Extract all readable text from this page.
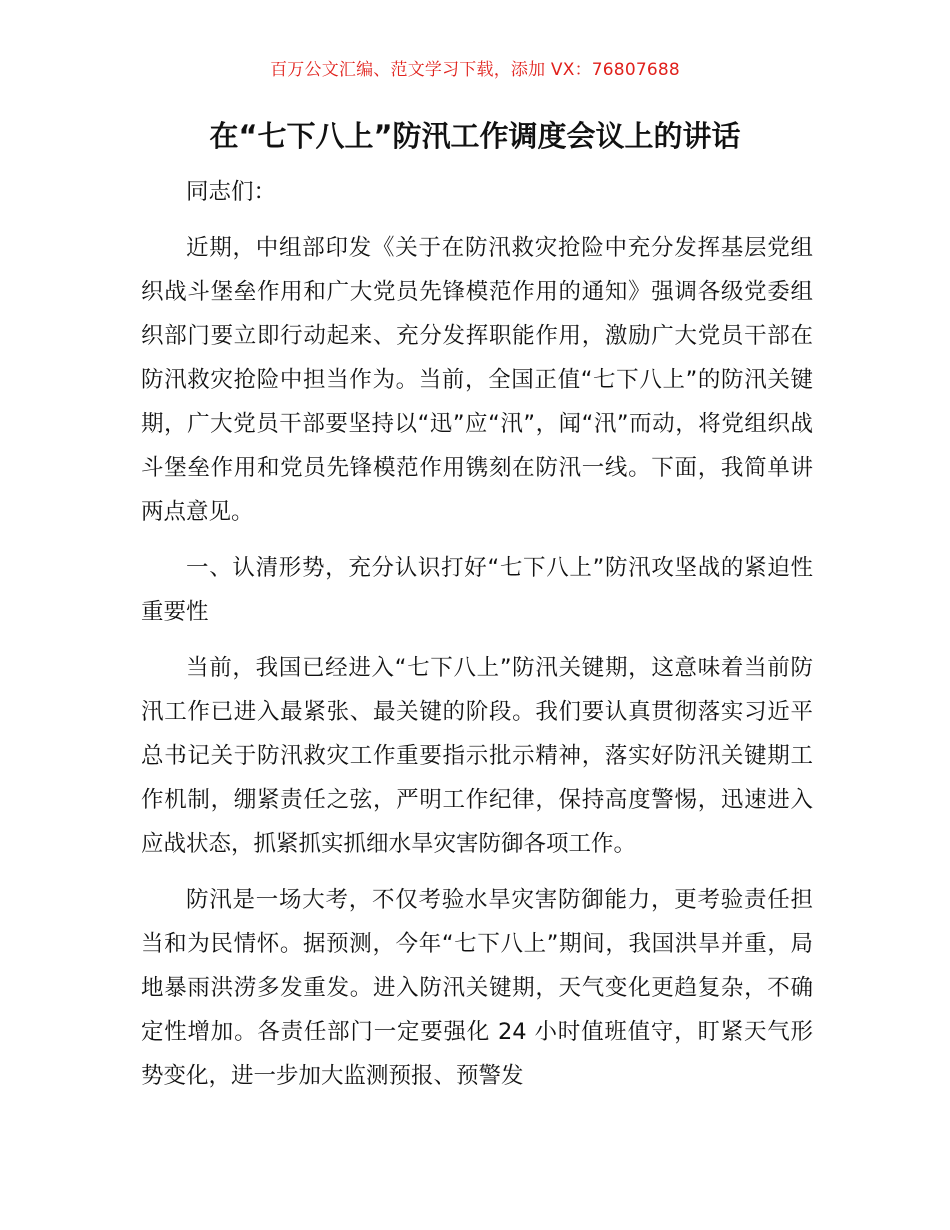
百万公文汇编、范文学习下载，添加 VX：76807688
在“七下八上”防汛工作调度会议上的讲话

同志们：

近期，中组部印发《关于在防汛救灾抢险中充分发挥基层党组织战斗堡垒作用和广大党员先锋模范作用的通知》强调各级党委组织部门要立即行动起来、充分发挥职能作用，激励广大党员干部在防汛救灾抢险中担当作为。当前，全国正值“七下八上”的防汛关键期，广大党员干部要坚持以“迅”应“汛”，闻“汛”而动，将党组织战斗堡垒作用和党员先锋模范作用镌刻在防汛一线。下面，我简单讲两点意见。

一、认清形势，充分认识打好“七下八上”防汛攻坚战的紧迫性重要性

当前，我国已经进入“七下八上”防汛关键期，这意味着当前防汛工作已进入最紧张、最关键的阶段。我们要认真贯彻落实习近平总书记关于防汛救灾工作重要指示批示精神，落实好防汛关键期工作机制，绷紧责任之弦，严明工作纪律，保持高度警惕，迅速进入应战状态，抓紧抓实抓细水旱灾害防御各项工作。

防汛是一场大考，不仅考验水旱灾害防御能力，更考验责任担当和为民情怀。据预测，今年“七下八上”期间，我国洪旱并重，局地暴雨洪涝多发重发。进入防汛关键期，天气变化更趋复杂，不确定性增加。各责任部门一定要强化 24 小时值班值守，盯紧天气形势变化，进一步加大监测预报、预警发
